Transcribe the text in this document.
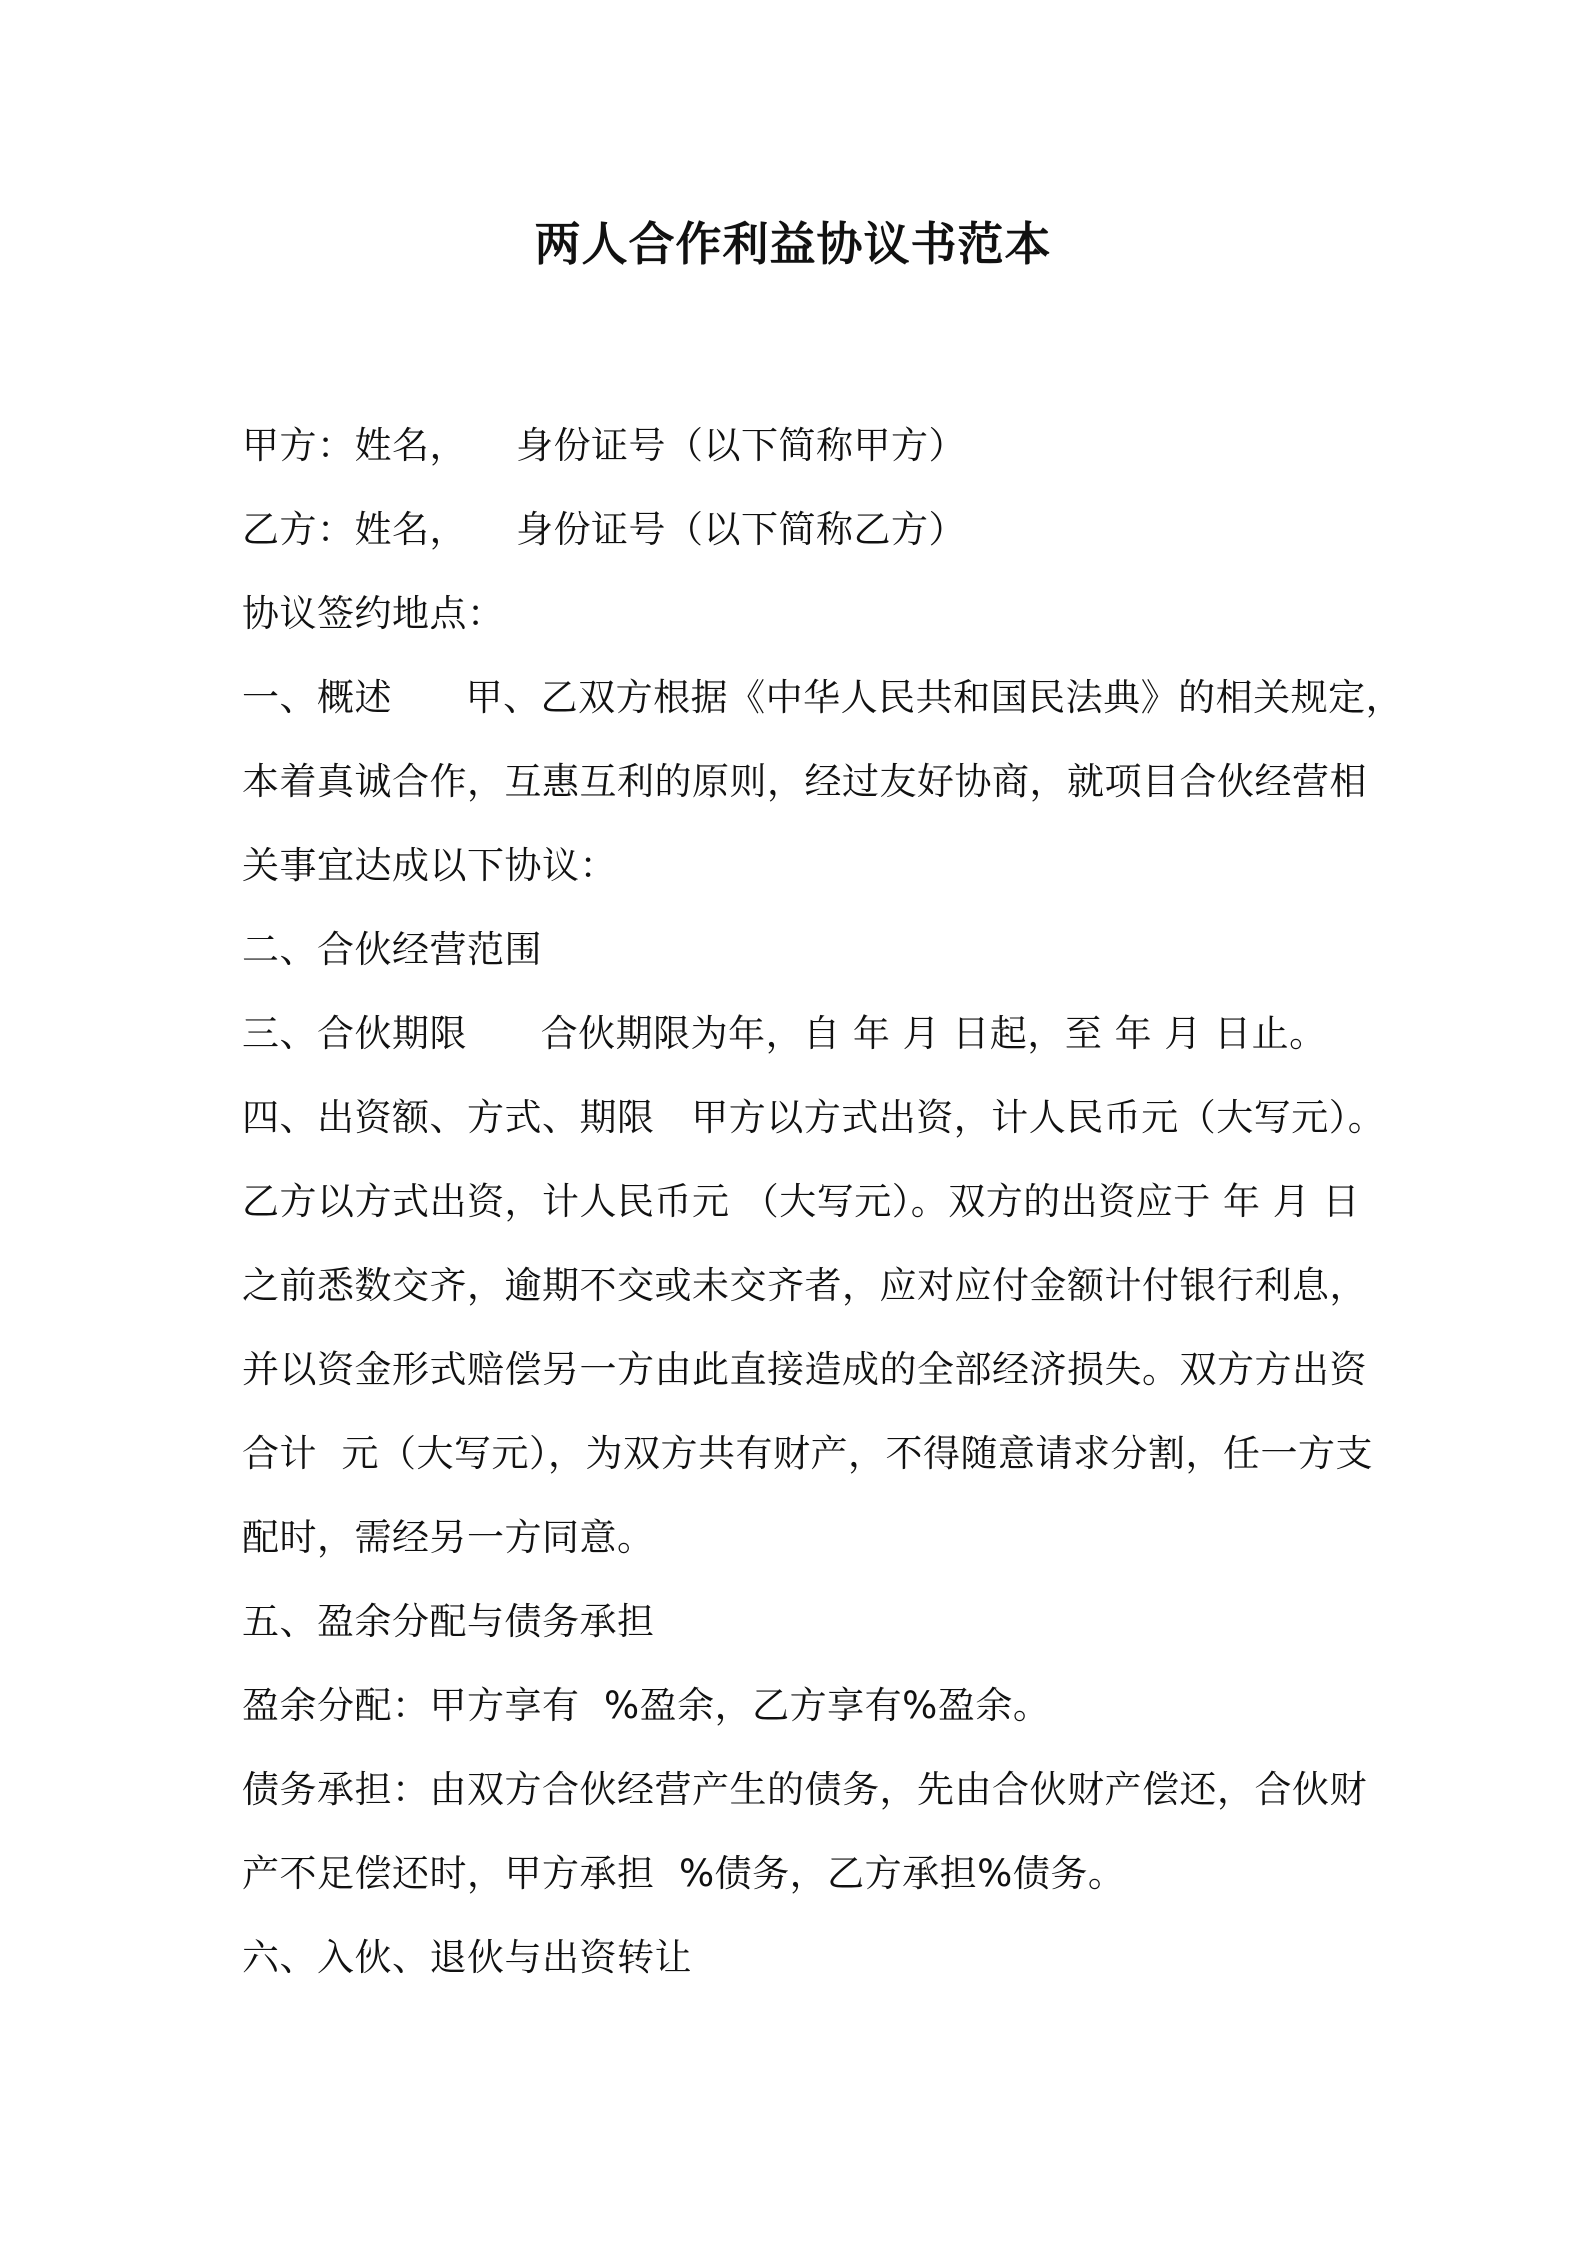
两人合作利益协议书范本
甲方：姓名，    身份证号（以下简称甲方）
乙方：姓名，    身份证号（以下简称乙方）
协议签约地点：
一、概述      甲、乙双方根据《中华人民共和国民法典》的相关规定，
本着真诚合作，互惠互利的原则，经过友好协商，就项目合伙经营相
关事宜达成以下协议：
二、合伙经营范围
三、合伙期限      合伙期限为年，自 年 月 日起，至 年 月 日止。
四、出资额、方式、期限   甲方以方式出资，计人民币元（大写元）。
乙方以方式出资，计人民币元 （大写元）。双方的出资应于 年 月 日
之前悉数交齐，逾期不交或未交齐者，应对应付金额计付银行利息，
并以资金形式赔偿另一方由此直接造成的全部经济损失。双方方出资
合计  元（大写元），为双方共有财产，不得随意请求分割，任一方支
配时，需经另一方同意。
五、盈余分配与债务承担
盈余分配：甲方享有  %盈余，乙方享有%盈余。
债务承担：由双方合伙经营产生的债务，先由合伙财产偿还，合伙财
产不足偿还时，甲方承担  %债务，乙方承担%债务。
六、入伙、退伙与出资转让
